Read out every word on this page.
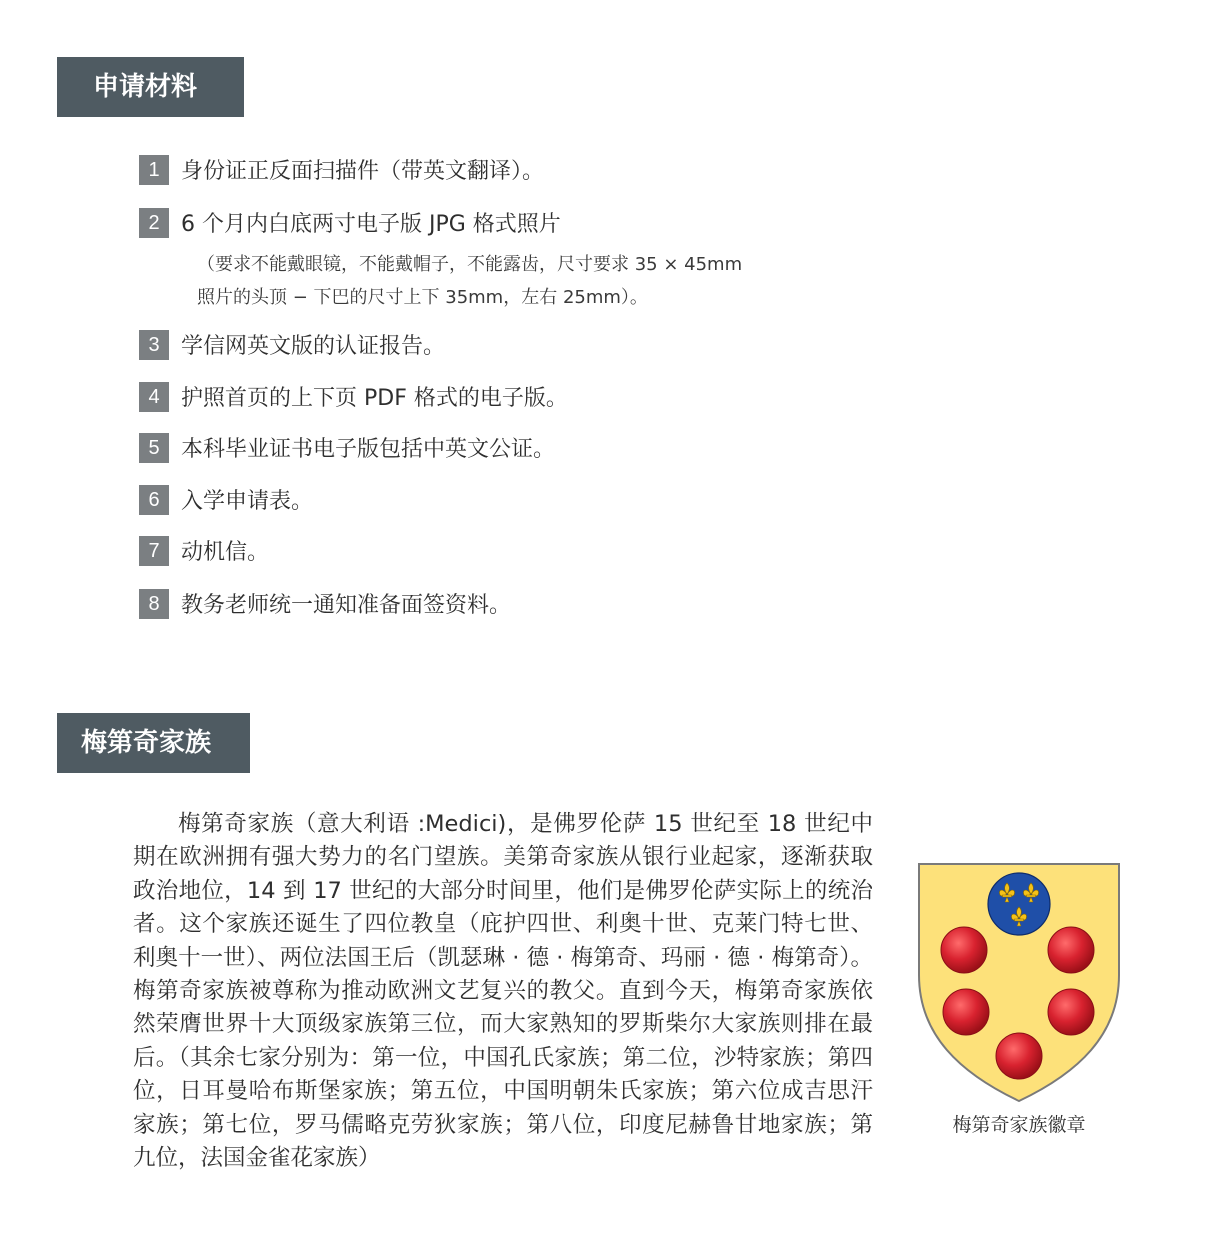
申请材料
1 身份证正反面扫描件（带英文翻译）。
2 6 个月内白底两寸电子版 JPG 格式照片
（要求不能戴眼镜，不能戴帽子，不能露齿，尺寸要求 35 × 45mm
照片的头顶 − 下巴的尺寸上下 35mm，左右 25mm）。
3 学信网英文版的认证报告。
4 护照首页的上下页 PDF 格式的电子版。
5 本科毕业证书电子版包括中英文公证。
6 入学申请表。
7 动机信。
8 教务老师统一通知准备面签资料。
梅第奇家族

梅第奇家族（意大利语 :Medici)，是佛罗伦萨 15 世纪至 18 世纪中期在欧洲拥有强大势力的名门望族。美第奇家族从银行业起家，逐渐获取政治地位，14 到 17 世纪的大部分时间里，他们是佛罗伦萨实际上的统治者。这个家族还诞生了四位教皇（庇护四世、利奥十世、克莱门特七世、利奥十一世）、两位法国王后（凯瑟琳 · 德 · 梅第奇、玛丽 · 德 · 梅第奇）。梅第奇家族被尊称为推动欧洲文艺复兴的教父。直到今天，梅第奇家族依然荣膺世界十大顶级家族第三位，而大家熟知的罗斯柴尔大家族则排在最后。（其余七家分别为：第一位，中国孔氏家族；第二位，沙特家族；第四位，日耳曼哈布斯堡家族；第五位，中国明朝朱氏家族；第六位成吉思汗家族；第七位，罗马儒略克劳狄家族；第八位，印度尼赫鲁甘地家族；第九位，法国金雀花家族）

梅第奇家族徽章
